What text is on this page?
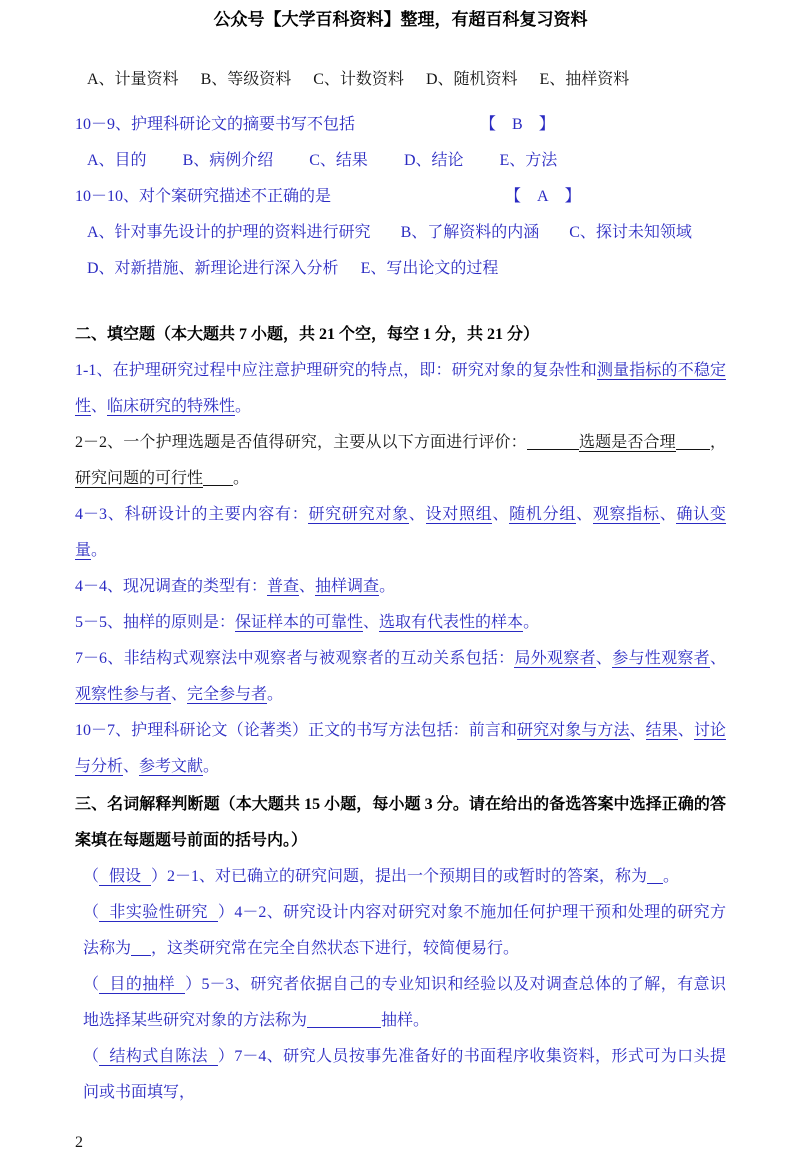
公众号【大学百科资料】整理，有超百科复习资料

A、计量资料 B、等级资料 C、计数资料 D、随机资料 E、抽样资料

10－9、护理科研论文的摘要书写不包括	【 B 】

A、目的 B、病例介绍 C、结果 D、结论 E、方法

10－10、对个案研究描述不正确的是	【 A 】

A、针对事先设计的护理的资料进行研究 B、了解资料的内涵 C、探讨未知领域

D、对新措施、新理论进行深入分析 E、写出论文的过程

二、填空题（本大题共 7 小题，共 21 个空，每空 1 分，共 21 分）

1-1、在护理研究过程中应注意护理研究的特点，即：研究对象的复杂性和测量指标的不稳定性、临床研究的特殊性。

2－2、一个护理选题是否值得研究，主要从以下方面进行评价：	选题是否合理 ，研究问题的可行性 。

4－3、科研设计的主要内容有：研究研究对象、设对照组、随机分组、观察指标、确认变量。

4－4、现况调查的类型有：普查、抽样调查。

5－5、抽样的原则是：保证样本的可靠性、选取有代表性的样本。

7－6、非结构式观察法中观察者与被观察者的互动关系包括：局外观察者、参与性观察者、观察性参与者、完全参与者。

10－7、护理科研论文（论著类）正文的书写方法包括：前言和研究对象与方法、结果、讨论与分析、参考文献。

三、名词解释判断题（本大题共 15 小题，每小题 3 分。请在给出的备选答案中选择正确的答案填在每题题号前面的括号内。）

（ 假设 ）2－1、对已确立的研究问题，提出一个预期目的或暂时的答案，称为 。

（ 非实验性研究 ）4－2、研究设计内容对研究对象不施加任何护理干预和处理的研究方法称为 ，这类研究常在完全自然状态下进行，较简便易行。

（ 目的抽样 ）5－3、研究者依据自己的专业知识和经验以及对调查总体的了解，有意识地选择某些研究对象的方法称为	抽样。

（ 结构式自陈法 ）7－4、研究人员按事先准备好的书面程序收集资料，形式可为口头提问或书面填写，

2
